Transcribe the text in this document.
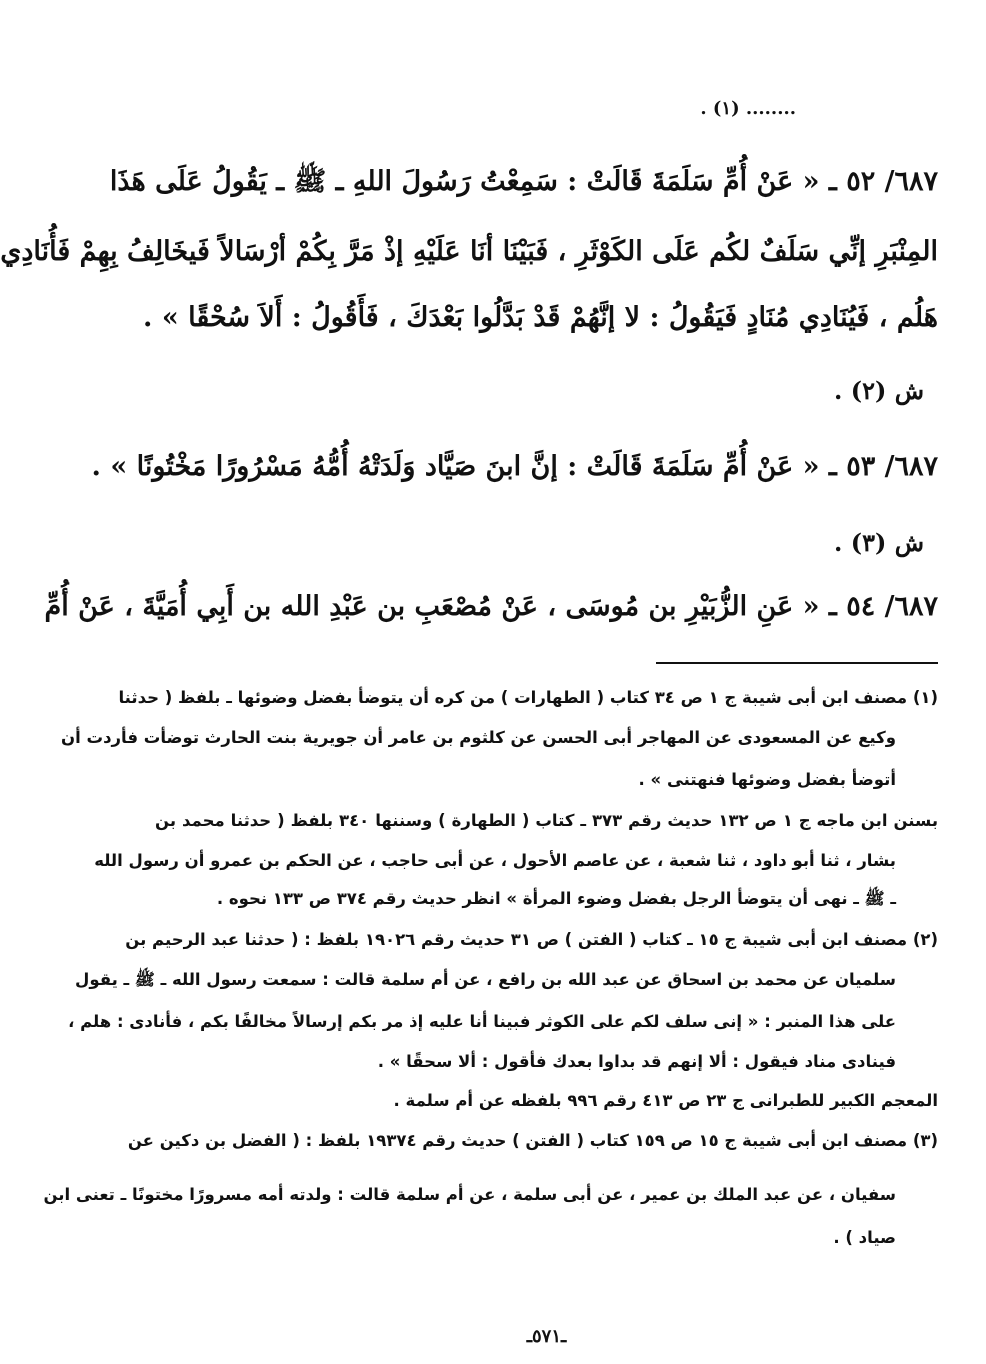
........ (١) .
٦٨٧/ ٥٢ ـ « عَنْ أُمِّ سَلَمَةَ قَالَتْ : سَمِعْتُ رَسُولَ اللهِ ـ ﷺ ـ يَقُولُ عَلَى هَذَا
المِنْبَرِ إنِّي سَلَفٌ لكُم عَلَى الكَوْثَرِ ، فَبَيْنَا أنَا عَلَيْهِ إذْ مَرَّ بِكُمْ أرْسَالاً فَيخَالِفُ بِهِمْ فَأُنَادِي
هَلُم ، فَيُنَادِي مُنَادٍ فَيَقُولُ : لا إنَّهُمْ قَدْ بَدَّلُوا بَعْدَكَ ، فَأَقُولُ : أَلاَ سُحْقًا » .
ش (٢) .
٦٨٧/ ٥٣ ـ « عَنْ أُمِّ سَلَمَةَ قَالَتْ : إنَّ ابنَ صَيَّاد وَلَدَتْهُ أُمُّهُ مَسْرُورًا مَخْتُونًا » .
ش (٣) .
٦٨٧/ ٥٤ ـ « عَنِ الزُّبَيْرِ بن مُوسَى ، عَنْ مُصْعَبِ بن عَبْدِ الله بن أَبِي أُمَيَّةَ ، عَنْ أُمِّ
(١) مصنف ابن أبى شيبة ج ١ ص ٣٤ كتاب ( الطهارات ) من كره أن يتوضأ بفضل وضوئها ـ بلفظ ( حدثنا
وكيع عن المسعودى عن المهاجر أبى الحسن عن كلثوم بن عامر أن جويرية بنت الحارث توضأت فأردت أن
أتوضأ بفضل وضوئها فنهتنى » .
بسنن ابن ماجه ج ١ ص ١٣٢ حديث رقم ٣٧٣ ـ كتاب ( الطهارة ) وسننها ٣٤٠ بلفظ ( حدثنا محمد بن
بشار ، ثنا أبو داود ، ثنا شعبة ، عن عاصم الأحول ، عن أبى حاجب ، عن الحكم بن عمرو أن رسول الله
ـ ﷺ ـ نهى أن يتوضأ الرجل بفضل وضوء المرأة » انظر حديث رقم ٣٧٤ ص ١٣٣ نحوه .
(٢) مصنف ابن أبى شيبة ج ١٥ ـ كتاب ( الفتن ) ص ٣١ حديث رقم ١٩٠٢٦ بلفظ : ( حدثنا عبد الرحيم بن
سلميان عن محمد بن اسحاق عن عبد الله بن رافع ، عن أم سلمة قالت : سمعت رسول الله ـ ﷺ ـ يقول
على هذا المنبر : « إنى سلف لكم على الكوثر فبينا أنا عليه إذ مر بكم إرسالاً مخالفًا بكم ، فأنادى : هلم ،
فينادى مناد فيقول : ألا إنهم قد بداوا بعدك فأقول : ألا سحقًا » .
المعجم الكبير للطبرانى ج ٢٣ ص ٤١٣ رقم ٩٩٦ بلفظه عن أم سلمة .
(٣) مصنف ابن أبى شيبة ج ١٥ ص ١٥٩ كتاب ( الفتن ) حديث رقم ١٩٣٧٤ بلفظ : ( الفضل بن دكين عن
سفيان ، عن عبد الملك بن عمير ، عن أبى سلمة ، عن أم سلمة قالت : ولدته أمه مسرورًا مختونًا ـ تعنى ابن
صياد ) .
ـ٥٧١ـ
